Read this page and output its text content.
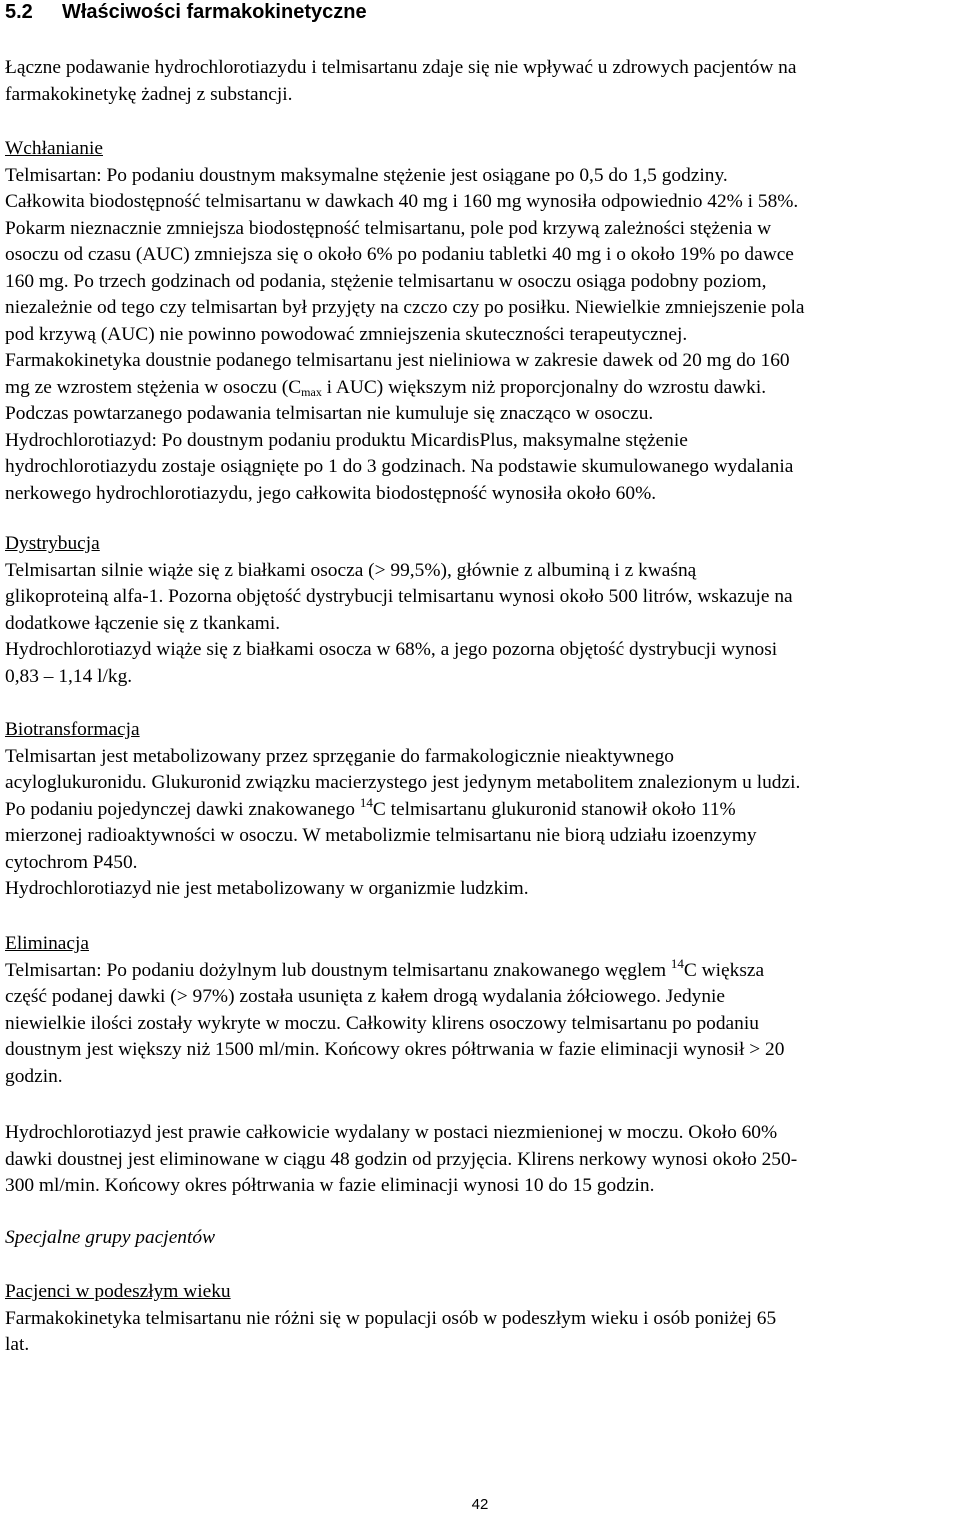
5.2 Właściwości farmakokinetyczne
Łączne podawanie hydrochlorotiazydu i telmisartanu zdaje się nie wpływać u zdrowych pacjentów na
farmakokinetykę żadnej z substancji.
Wchłanianie
Telmisartan: Po podaniu doustnym maksymalne stężenie jest osiągane po 0,5 do 1,5 godziny.
Całkowita biodostępność telmisartanu w dawkach 40 mg i 160 mg wynosiła odpowiednio 42% i 58%.
Pokarm nieznacznie zmniejsza biodostępność telmisartanu, pole pod krzywą zależności stężenia w
osoczu od czasu (AUC) zmniejsza się o około 6% po podaniu tabletki 40 mg i o około 19% po dawce
160 mg. Po trzech godzinach od podania, stężenie telmisartanu w osoczu osiąga podobny poziom,
niezależnie od tego czy telmisartan był przyjęty na czczo czy po posiłku. Niewielkie zmniejszenie pola
pod krzywą (AUC) nie powinno powodować zmniejszenia skuteczności terapeutycznej.
Farmakokinetyka doustnie podanego telmisartanu jest nieliniowa w zakresie dawek od 20 mg do 160
mg ze wzrostem stężenia w osoczu ($C_{max}$ i AUC) większym niż proporcjonalny do wzrostu dawki.
Podczas powtarzanego podawania telmisartan nie kumuluje się znacząco w osoczu.
Hydrochlorotiazyd: Po doustnym podaniu produktu MicardisPlus, maksymalne stężenie
hydrochlorotiazydu zostaje osiągnięte po 1 do 3 godzinach. Na podstawie skumulowanego wydalania
nerkowego hydrochlorotiazydu, jego całkowita biodostępność wynosiła około 60%.
Dystrybucja
Telmisartan silnie wiąże się z białkami osocza (> 99,5%), głównie z albuminą i z kwaśną
glikoproteiną alfa-1. Pozorna objętość dystrybucji telmisartanu wynosi około 500 litrów, wskazuje na
dodatkowe łączenie się z tkankami.
Hydrochlorotiazyd wiąże się z białkami osocza w 68%, a jego pozorna objętość dystrybucji wynosi
0,83 – 1,14 l/kg.
Biotransformacja
Telmisartan jest metabolizowany przez sprzęganie do farmakologicznie nieaktywnego
acyloglukuronidu. Glukuronid związku macierzystego jest jedynym metabolitem znalezionym u ludzi.
Po podaniu pojedynczej dawki znakowanego $^{14}$C telmisartanu glukuronid stanowił około 11%
mierzonej radioaktywności w osoczu. W metabolizmie telmisartanu nie biorą udziału izoenzymy
cytochrom P450.
Hydrochlorotiazyd nie jest metabolizowany w organizmie ludzkim.
Eliminacja
Telmisartan: Po podaniu dożylnym lub doustnym telmisartanu znakowanego węglem $^{14}$C większa
część podanej dawki (> 97%) została usunięta z kałem drogą wydalania żółciowego. Jedynie
niewielkie ilości zostały wykryte w moczu. Całkowity klirens osoczowy telmisartanu po podaniu
doustnym jest większy niż 1500 ml/min. Końcowy okres półtrwania w fazie eliminacji wynosił > 20
godzin.
Hydrochlorotiazyd jest prawie całkowicie wydalany w postaci niezmienionej w moczu. Około 60%
dawki doustnej jest eliminowane w ciągu 48 godzin od przyjęcia. Klirens nerkowy wynosi około 250-
300 ml/min. Końcowy okres półtrwania w fazie eliminacji wynosi 10 do 15 godzin.
Specjalne grupy pacjentów
Pacjenci w podeszłym wieku
Farmakokinetyka telmisartanu nie różni się w populacji osób w podeszłym wieku i osób poniżej 65
lat.
42
